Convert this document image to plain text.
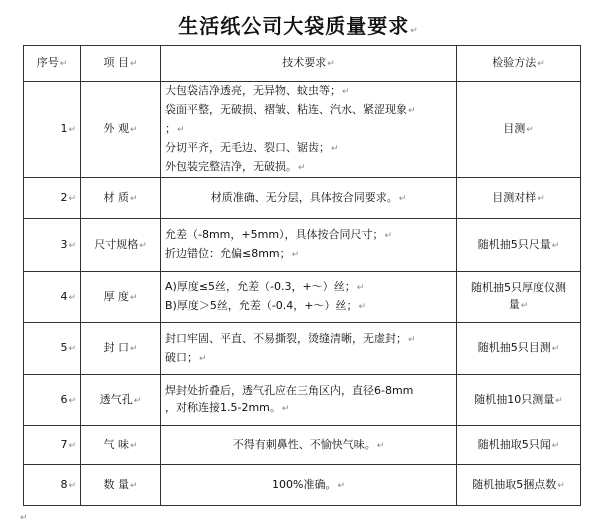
生活纸公司大袋质量要求↵
序号↵	项 目↵	技术要求↵	检验方法↵
1↵	外 观↵	大包袋洁净透亮，无异物、蚊虫等；↵
袋面平整，无破损、褶皱、粘连、汽水、紧涩现象↵
；↵
分切平齐，无毛边、裂口、锯齿；↵
外包装完整洁净，无破损。↵	目测↵
2↵	材 质↵	材质准确、无分层，具体按合同要求。↵	目测对样↵
3↵	尺寸规格↵	允差（-8mm，+5mm），具体按合同尺寸；↵
折边错位：允偏≤8mm；↵	随机抽5只尺量↵
4↵	厚 度↵	A)厚度≤5丝，允差（-0.3，+～）丝；↵
B)厚度＞5丝，允差（-0.4，+～）丝；↵	随机抽5只厚度仪测
量↵

5↵	封 口↵	封口牢固、平直、不易撕裂，烫缝清晰，无虚封；↵
破口；↵	随机抽5只目测↵
6↵	透气孔↵	焊封处折叠后，透气孔应在三角区内，直径6-8mm
，对称连接1.5-2mm。↵	随机抽10只测量↵
7↵	气 味↵	不得有刺鼻性、不愉快气味。↵	随机抽取5只闻↵
8↵	数 量↵	100%准确。↵	随机抽取5捆点数↵
↵
